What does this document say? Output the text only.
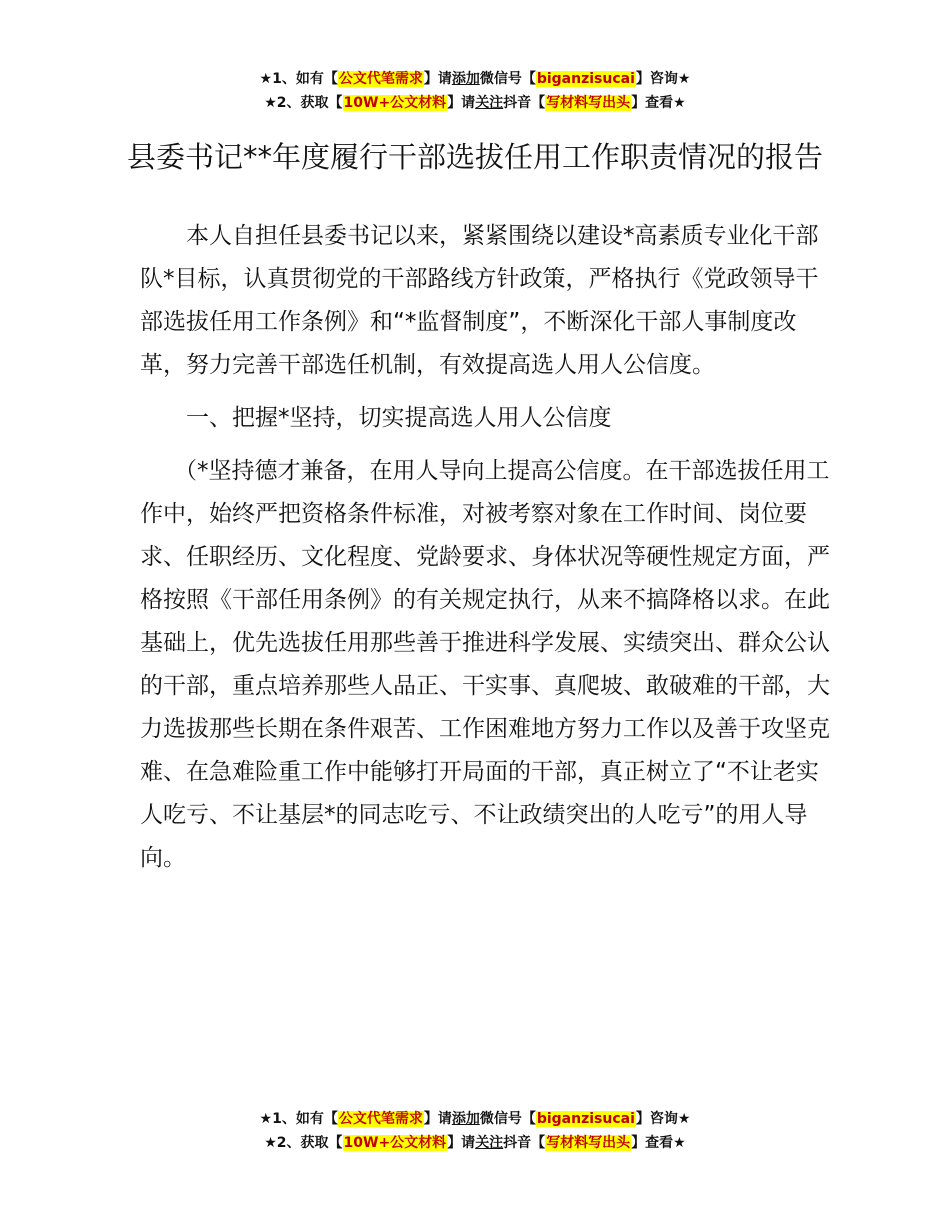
★1、如有【公文代笔需求】请添加微信号【biganzisucai】咨询★
★2、获取【10W+公文材料】请关注抖音【写材料写出头】查看★
县委书记**年度履行干部选拔任用工作职责情况的报告

本人自担任县委书记以来，紧紧围绕以建设*高素质专业化干部队*目标，认真贯彻党的干部路线方针政策，严格执行《党政领导干部选拔任用工作条例》和“*监督制度”，不断深化干部人事制度改革，努力完善干部选任机制，有效提高选人用人公信度。

一、把握*坚持，切实提高选人用人公信度

（*坚持德才兼备，在用人导向上提高公信度。在干部选拔任用工作中，始终严把资格条件标准，对被考察对象在工作时间、岗位要求、任职经历、文化程度、党龄要求、身体状况等硬性规定方面，严格按照《干部任用条例》的有关规定执行，从来不搞降格以求。在此基础上，优先选拔任用那些善于推进科学发展、实绩突出、群众公认的干部，重点培养那些人品正、干实事、真爬坡、敢破难的干部，大力选拔那些长期在条件艰苦、工作困难地方努力工作以及善于攻坚克难、在急难险重工作中能够打开局面的干部，真正树立了“不让老实人吃亏、不让基层*的同志吃亏、不让政绩突出的人吃亏”的用人导向。

★1、如有【公文代笔需求】请添加微信号【biganzisucai】咨询★
★2、获取【10W+公文材料】请关注抖音【写材料写出头】查看★
